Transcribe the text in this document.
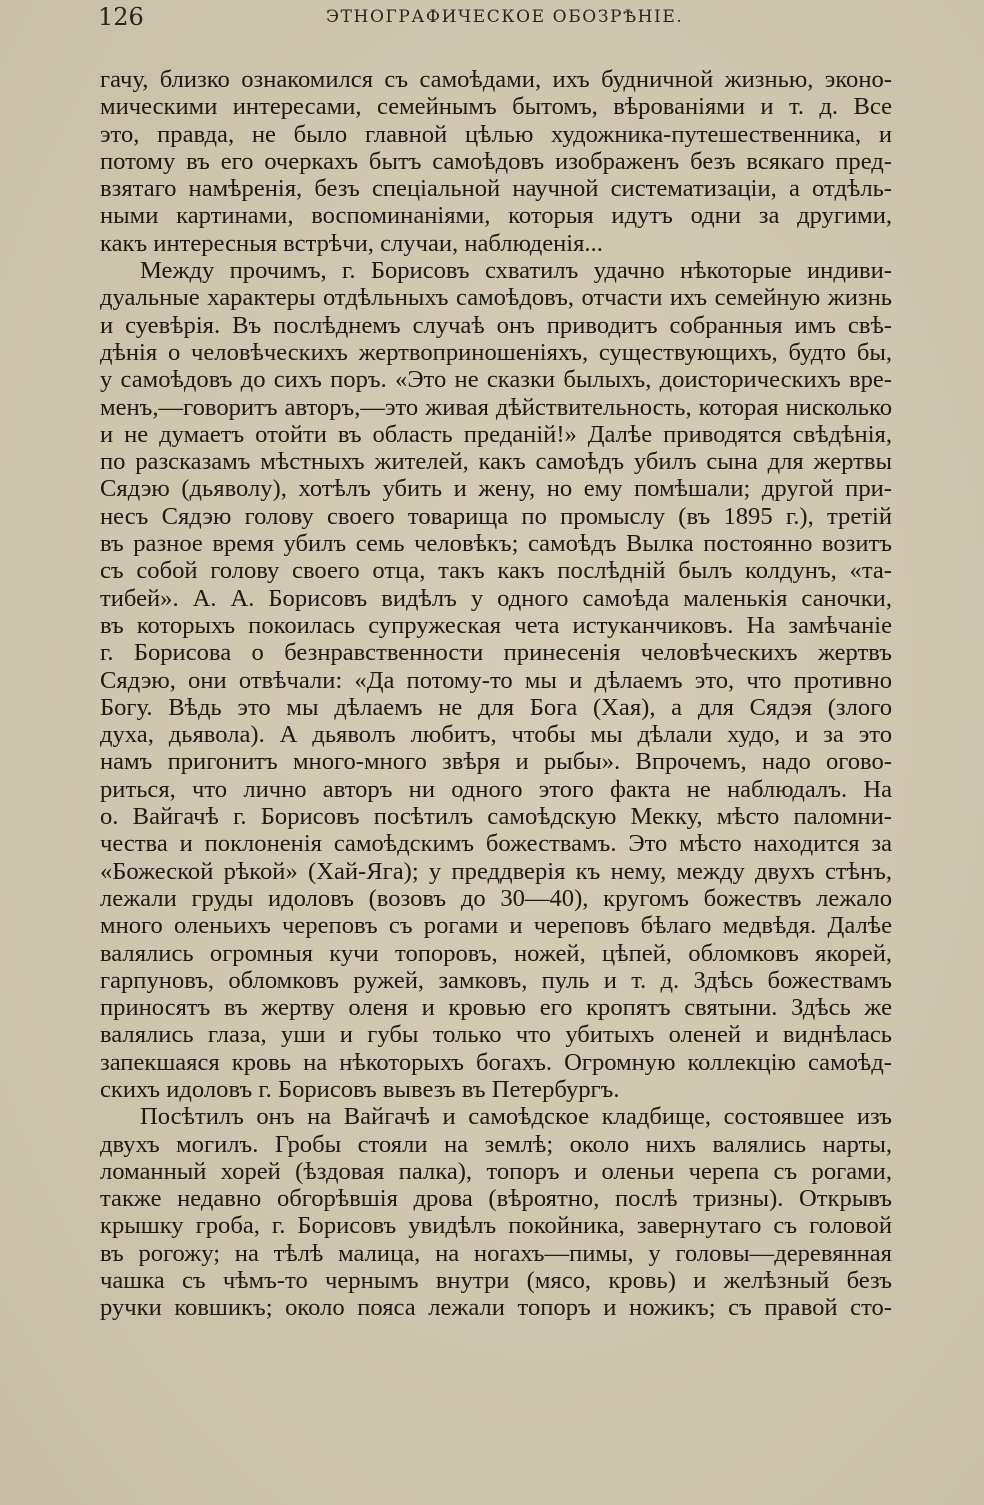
126	ЭТНОГРАФИЧЕСКОЕ ОБОЗРѢНІЕ.
гачу, близко ознакомился съ самоѣдами, ихъ будничной жизнью, эконо-
мическими интересами, семейнымъ бытомъ, вѣрованіями и т. д. Все
это, правда, не было главной цѣлью художника-путешественника, и
потому въ его очеркахъ бытъ самоѣдовъ изображенъ безъ всякаго пред-
взятаго намѣренія, безъ спеціальной научной систематизаціи, а отдѣль-
ными картинами, воспоминаніями, которыя идутъ одни за другими,
какъ интересныя встрѣчи, случаи, наблюденія...
Между прочимъ, г. Борисовъ схватилъ удачно нѣкоторые индиви-
дуальные характеры отдѣльныхъ самоѣдовъ, отчасти ихъ семейную жизнь
и суевѣрія. Въ послѣднемъ случаѣ онъ приводитъ собранныя имъ свѣ-
дѣнія о человѣческихъ жертвоприношеніяхъ, существующихъ, будто бы,
у самоѣдовъ до сихъ поръ. «Это не сказки былыхъ, доисторическихъ вре-
менъ,—говоритъ авторъ,—это живая дѣйствительность, которая нисколько
и не думаетъ отойти въ область преданій!» Далѣе приводятся свѣдѣнія,
по разсказамъ мѣстныхъ жителей, какъ самоѣдъ убилъ сына для жертвы
Сядэю (дьяволу), хотѣлъ убить и жену, но ему помѣшали; другой при-
несъ Сядэю голову своего товарища по промыслу (въ 1895 г.), третій
въ разное время убилъ семь человѣкъ; самоѣдъ Вылка постоянно возитъ
съ собой голову своего отца, такъ какъ послѣдній былъ колдунъ, «та-
тибей». А. А. Борисовъ видѣлъ у одного самоѣда маленькія саночки,
въ которыхъ покоилась супружеская чета истуканчиковъ. На замѣчаніе
г. Борисова о безнравственности принесенія человѣческихъ жертвъ
Сядэю, они отвѣчали: «Да потому-то мы и дѣлаемъ это, что противно
Богу. Вѣдь это мы дѣлаемъ не для Бога (Хая), а для Сядэя (злого
духа, дьявола). А дьяволъ любитъ, чтобы мы дѣлали худо, и за это
намъ пригонитъ много-много звѣря и рыбы». Впрочемъ, надо огово-
риться, что лично авторъ ни одного этого факта не наблюдалъ. На
о. Вайгачѣ г. Борисовъ посѣтилъ самоѣдскую Мекку, мѣсто паломни-
чества и поклоненія самоѣдскимъ божествамъ. Это мѣсто находится за
«Божеской рѣкой» (Хай-Яга); у преддверія къ нему, между двухъ стѣнъ,
лежали груды идоловъ (возовъ до 30—40), кругомъ божествъ лежало
много оленьихъ череповъ съ рогами и череповъ бѣлаго медвѣдя. Далѣе
валялись огромныя кучи топоровъ, ножей, цѣпей, обломковъ якорей,
гарпуновъ, обломковъ ружей, замковъ, пуль и т. д. Здѣсь божествамъ
приносятъ въ жертву оленя и кровью его кропятъ святыни. Здѣсь же
валялись глаза, уши и губы только что убитыхъ оленей и виднѣлась
запекшаяся кровь на нѣкоторыхъ богахъ. Огромную коллекцію самоѣд-
скихъ идоловъ г. Борисовъ вывезъ въ Петербургъ.
Посѣтилъ онъ на Вайгачѣ и самоѣдское кладбище, состоявшее изъ
двухъ могилъ. Гробы стояли на землѣ; около нихъ валялись нарты,
ломанный хорей (ѣздовая палка), топоръ и оленьи черепа съ рогами,
также недавно обгорѣвшія дрова (вѣроятно, послѣ тризны). Открывъ
крышку гроба, г. Борисовъ увидѣлъ покойника, завернутаго съ головой
въ рогожу; на тѣлѣ малица, на ногахъ—пимы, у головы—деревянная
чашка съ чѣмъ-то чернымъ внутри (мясо, кровь) и желѣзный безъ
ручки ковшикъ; около пояса лежали топоръ и ножикъ; съ правой сто-
